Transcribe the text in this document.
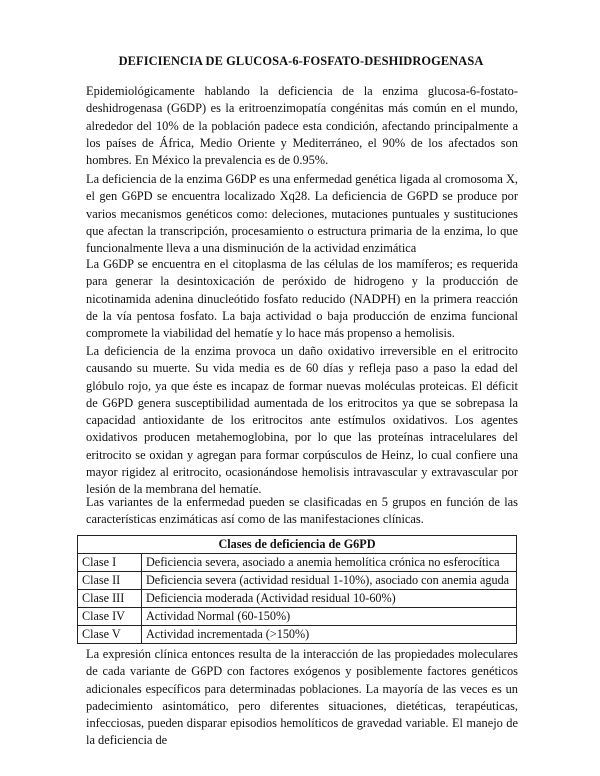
DEFICIENCIA DE GLUCOSA-6-FOSFATO-DESHIDROGENASA

Epidemiológicamente hablando la deficiencia de la enzima glucosa-6-fostato-deshidrogenasa (G6DP) es la eritroenzimopatía congénitas más común en el mundo, alrededor del 10% de la población padece esta condición, afectando principalmente a los países de África, Medio Oriente y Mediterráneo, el 90% de los afectados son hombres. En México la prevalencia es de 0.95%.

La deficiencia de la enzima G6DP es una enfermedad genética ligada al cromosoma X, el gen G6PD se encuentra localizado Xq28. La deficiencia de G6PD se produce por varios mecanismos genéticos como: deleciones, mutaciones puntuales y sustituciones que afectan la transcripción, procesamiento o estructura primaria de la enzima, lo que funcionalmente lleva a una disminución de la actividad enzimática

La G6DP se encuentra en el citoplasma de las células de los mamíferos; es requerida para generar la desintoxicación de peróxido de hidrogeno y la producción de nicotinamida adenina dinucleótido fosfato reducido (NADPH) en la primera reacción de la vía pentosa fosfato. La baja actividad o baja producción de enzima funcional compromete la viabilidad del hematíe y lo hace más propenso a hemolisis.

La deficiencia de la enzima provoca un daño oxidativo irreversible en el eritrocito causando su muerte. Su vida media es de 60 días y refleja paso a paso la edad del glóbulo rojo, ya que éste es incapaz de formar nuevas moléculas proteicas. El déficit de G6PD genera susceptibilidad aumentada de los eritrocitos ya que se sobrepasa la capacidad antioxidante de los eritrocitos ante estímulos oxidativos. Los agentes oxidativos producen metahemoglobina, por lo que las proteínas intracelulares del eritrocito se oxidan y agregan para formar corpúsculos de Heinz, lo cual confiere una mayor rigidez al eritrocito, ocasionándose hemolisis intravascular y extravascular por lesión de la membrana del hematíe.

Las variantes de la enfermedad pueden se clasificadas en 5 grupos en función de las características enzimáticas así como de las manifestaciones clínicas.

Clases de deficiencia de G6PD	
Clase I	Deficiencia severa, asociado a anemia hemolítica crónica no esferocítica
Clase II	Deficiencia severa (actividad residual 1-10%), asociado con anemia aguda
Clase III	Deficiencia moderada (Actividad residual 10-60%)
Clase IV	Actividad Normal (60-150%)
Clase V	Actividad incrementada (>150%)

La expresión clínica entonces resulta de la interacción de las propiedades moleculares de cada variante de G6PD con factores exógenos y posiblemente factores genéticos adicionales específicos para determinadas poblaciones. La mayoría de las veces es un padecimiento asintomático, pero diferentes situaciones, dietéticas, terapéuticas, infecciosas, pueden disparar episodios hemolíticos de gravedad variable. El manejo de la deficiencia de
